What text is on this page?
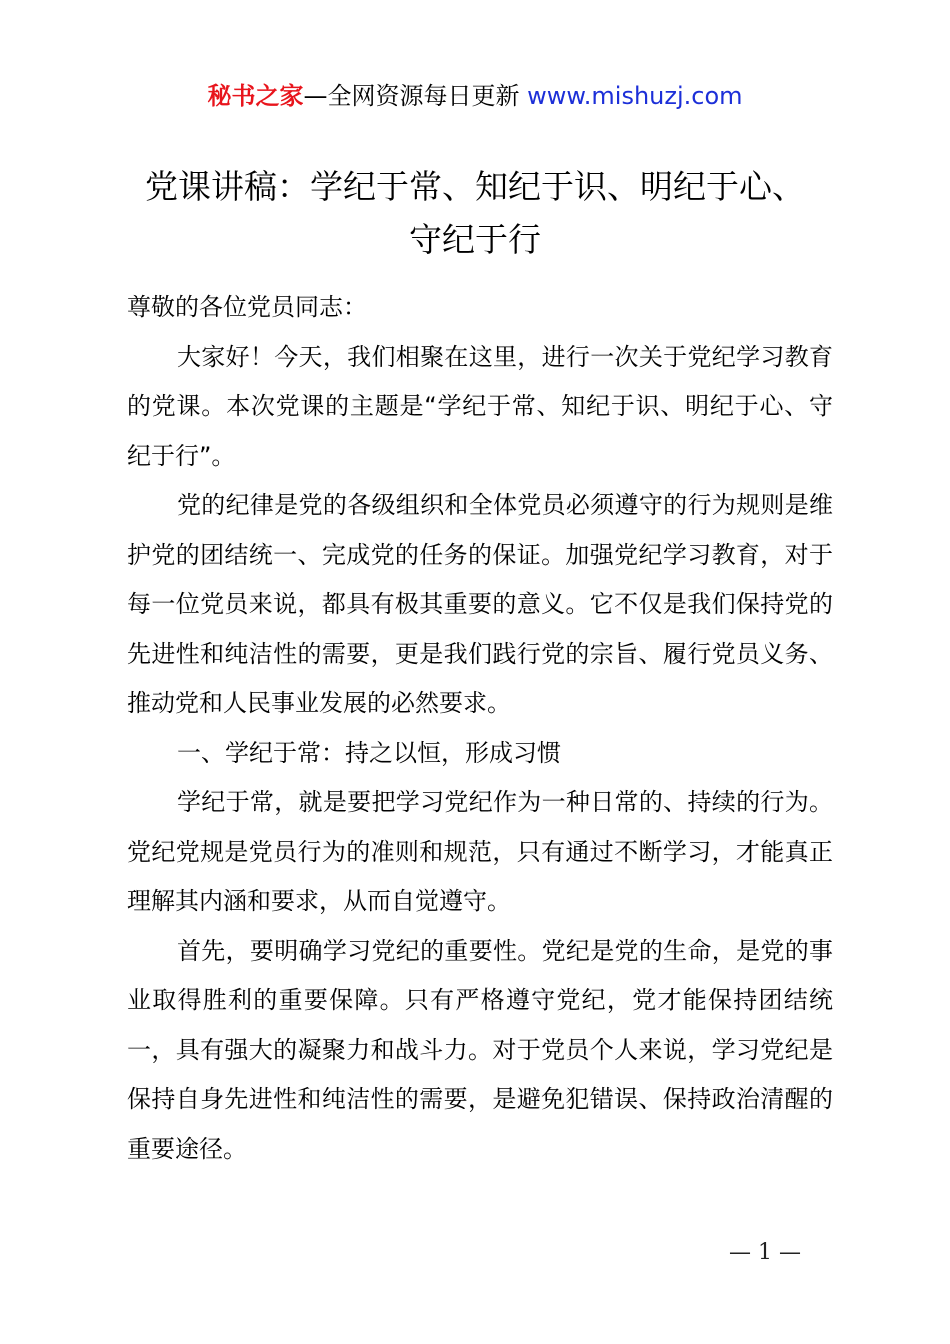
秘书之家—全网资源每日更新 www.mishuzj.com
党课讲稿：学纪于常、知纪于识、明纪于心、
守纪于行

尊敬的各位党员同志：

大家好！今天，我们相聚在这里，进行一次关于党纪学习教育的党课。本次党课的主题是“学纪于常、知纪于识、明纪于心、守纪于行”。

党的纪律是党的各级组织和全体党员必须遵守的行为规则是维护党的团结统一、完成党的任务的保证。加强党纪学习教育，对于每一位党员来说，都具有极其重要的意义。它不仅是我们保持党的先进性和纯洁性的需要，更是我们践行党的宗旨、履行党员义务、推动党和人民事业发展的必然要求。

一、学纪于常：持之以恒，形成习惯

学纪于常，就是要把学习党纪作为一种日常的、持续的行为。党纪党规是党员行为的准则和规范，只有通过不断学习，才能真正理解其内涵和要求，从而自觉遵守。

首先，要明确学习党纪的重要性。党纪是党的生命，是党的事业取得胜利的重要保障。只有严格遵守党纪，党才能保持团结统一，具有强大的凝聚力和战斗力。对于党员个人来说，学习党纪是保持自身先进性和纯洁性的需要，是避免犯错误、保持政治清醒的重要途径。

— 1 —
